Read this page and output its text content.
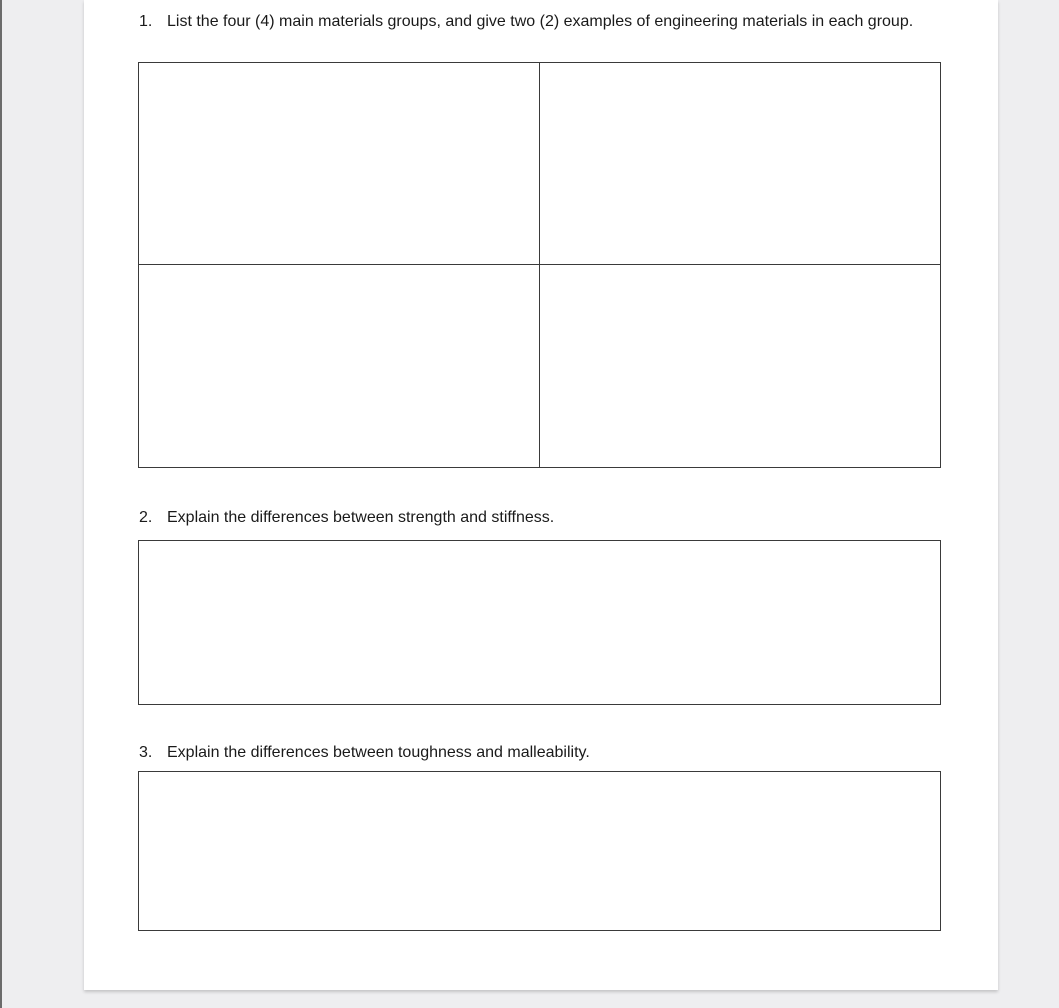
1. List the four (4) main materials groups, and give two (2) examples of engineering materials in each group.
2. Explain the differences between strength and stiffness.
3. Explain the differences between toughness and malleability.
